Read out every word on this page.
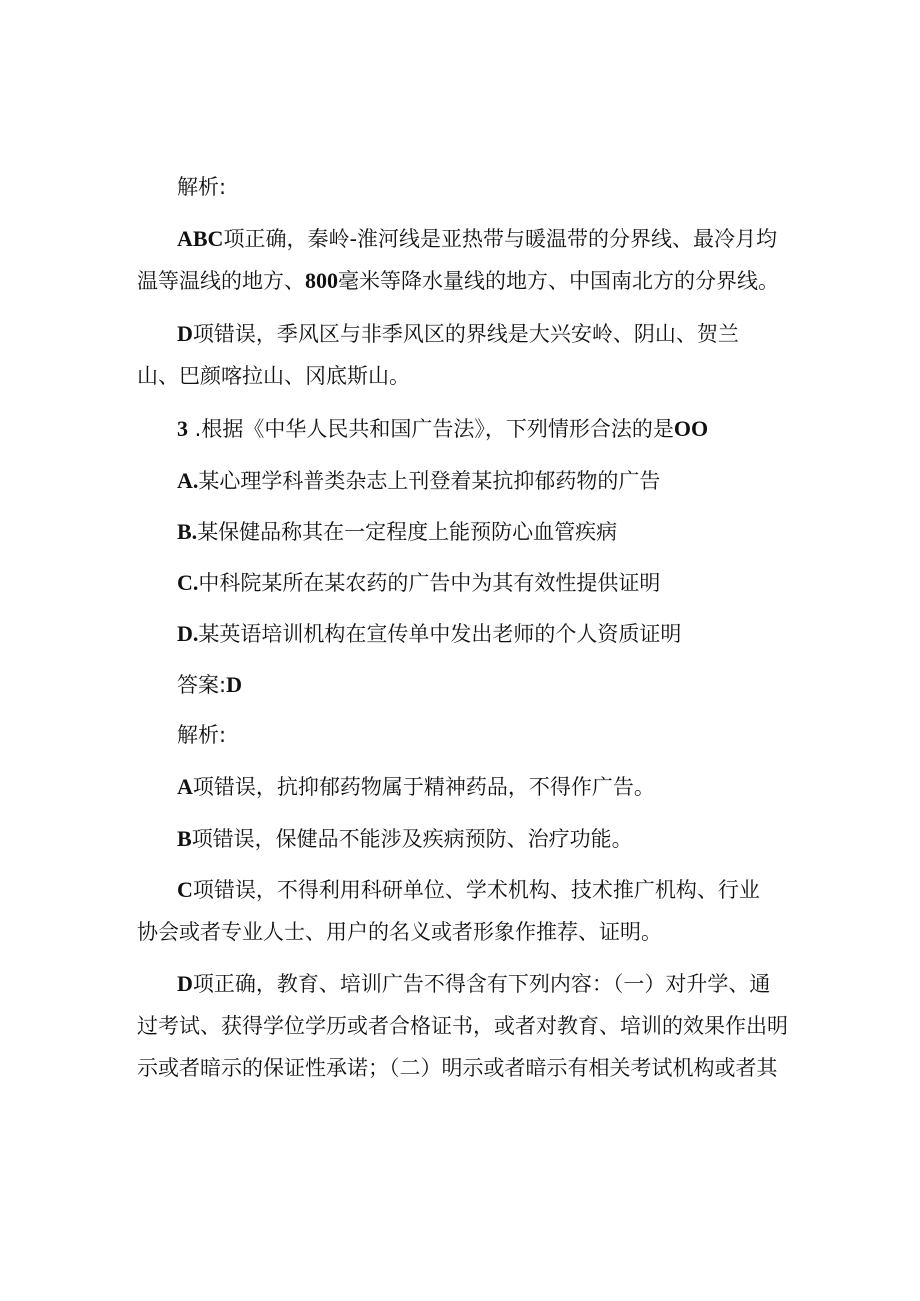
解析:

ABC项正确，秦岭-淮河线是亚热带与暖温带的分界线、最冷月均

温等温线的地方、800毫米等降水量线的地方、中国南北方的分界线。

D项错误，季风区与非季风区的界线是大兴安岭、阴山、贺兰

山、巴颜喀拉山、冈底斯山。

3 .根据《中华人民共和国广告法》，下列情形合法的是OO

A.某心理学科普类杂志上刊登着某抗抑郁药物的广告

B.某保健品称其在一定程度上能预防心血管疾病

C.中科院某所在某农药的广告中为其有效性提供证明

D.某英语培训机构在宣传单中发出老师的个人资质证明

答案:D

解析:

A项错误，抗抑郁药物属于精神药品，不得作广告。

B项错误，保健品不能涉及疾病预防、治疗功能。

C项错误，不得利用科研单位、学术机构、技术推广机构、行业

协会或者专业人士、用户的名义或者形象作推荐、证明。

D项正确，教育、培训广告不得含有下列内容：（一）对升学、通

过考试、获得学位学历或者合格证书，或者对教育、培训的效果作出明

示或者暗示的保证性承诺；（二）明示或者暗示有相关考试机构或者其
